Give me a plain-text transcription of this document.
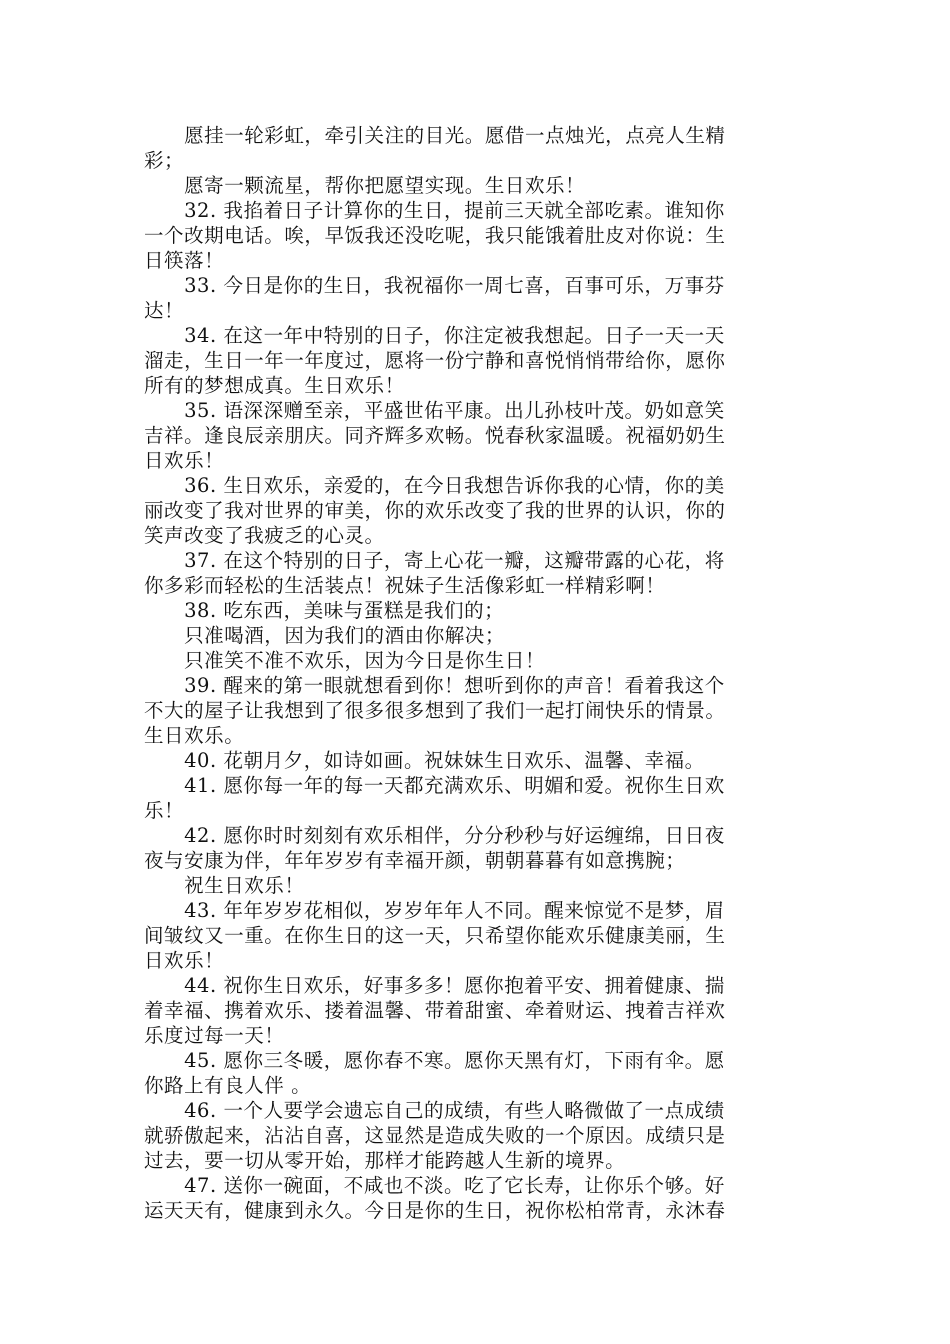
　　愿挂一轮彩虹，牵引关注的目光。愿借一点烛光，点亮人生精
彩；
　　愿寄一颗流星，帮你把愿望实现。生日欢乐！
　　32. 我掐着日子计算你的生日，提前三天就全部吃素。谁知你
一个改期电话。唉，早饭我还没吃呢，我只能饿着肚皮对你说：生
日筷落！
　　33. 今日是你的生日，我祝福你一周七喜，百事可乐，万事芬
达！
　　34. 在这一年中特别的日子，你注定被我想起。日子一天一天
溜走，生日一年一年度过，愿将一份宁静和喜悦悄悄带给你，愿你
所有的梦想成真。生日欢乐！
　　35. 语深深赠至亲，平盛世佑平康。出儿孙枝叶茂。奶如意笑
吉祥。逢良辰亲朋庆。同齐辉多欢畅。悦春秋家温暖。祝福奶奶生
日欢乐！
　　36. 生日欢乐，亲爱的，在今日我想告诉你我的心情，你的美
丽改变了我对世界的审美，你的欢乐改变了我的世界的认识，你的
笑声改变了我疲乏的心灵。
　　37. 在这个特别的日子，寄上心花一瓣，这瓣带露的心花，将
你多彩而轻松的生活装点！祝妹子生活像彩虹一样精彩啊！
　　38. 吃东西，美味与蛋糕是我们的；
　　只准喝酒，因为我们的酒由你解决；
　　只准笑不准不欢乐，因为今日是你生日！
　　39. 醒来的第一眼就想看到你！想听到你的声音！看着我这个
不大的屋子让我想到了很多很多想到了我们一起打闹快乐的情景。
生日欢乐。
　　40. 花朝月夕，如诗如画。祝妹妹生日欢乐、温馨、幸福。
　　41. 愿你每一年的每一天都充满欢乐、明媚和爱。祝你生日欢
乐！
　　42. 愿你时时刻刻有欢乐相伴，分分秒秒与好运缠绵，日日夜
夜与安康为伴，年年岁岁有幸福开颜，朝朝暮暮有如意携腕；
　　祝生日欢乐！
　　43. 年年岁岁花相似，岁岁年年人不同。醒来惊觉不是梦，眉
间皱纹又一重。在你生日的这一天，只希望你能欢乐健康美丽，生
日欢乐！
　　44. 祝你生日欢乐，好事多多！愿你抱着平安、拥着健康、揣
着幸福、携着欢乐、搂着温馨、带着甜蜜、牵着财运、拽着吉祥欢
乐度过每一天！
　　45. 愿你三冬暖，愿你春不寒。愿你天黑有灯，下雨有伞。愿
你路上有良人伴 。
　　46. 一个人要学会遗忘自己的成绩，有些人略微做了一点成绩
就骄傲起来，沾沾自喜，这显然是造成失败的一个原因。成绩只是
过去，要一切从零开始，那样才能跨越人生新的境界。
　　47. 送你一碗面，不咸也不淡。吃了它长寿，让你乐个够。好
运天天有，健康到永久。今日是你的生日，祝你松柏常青，永沐春
